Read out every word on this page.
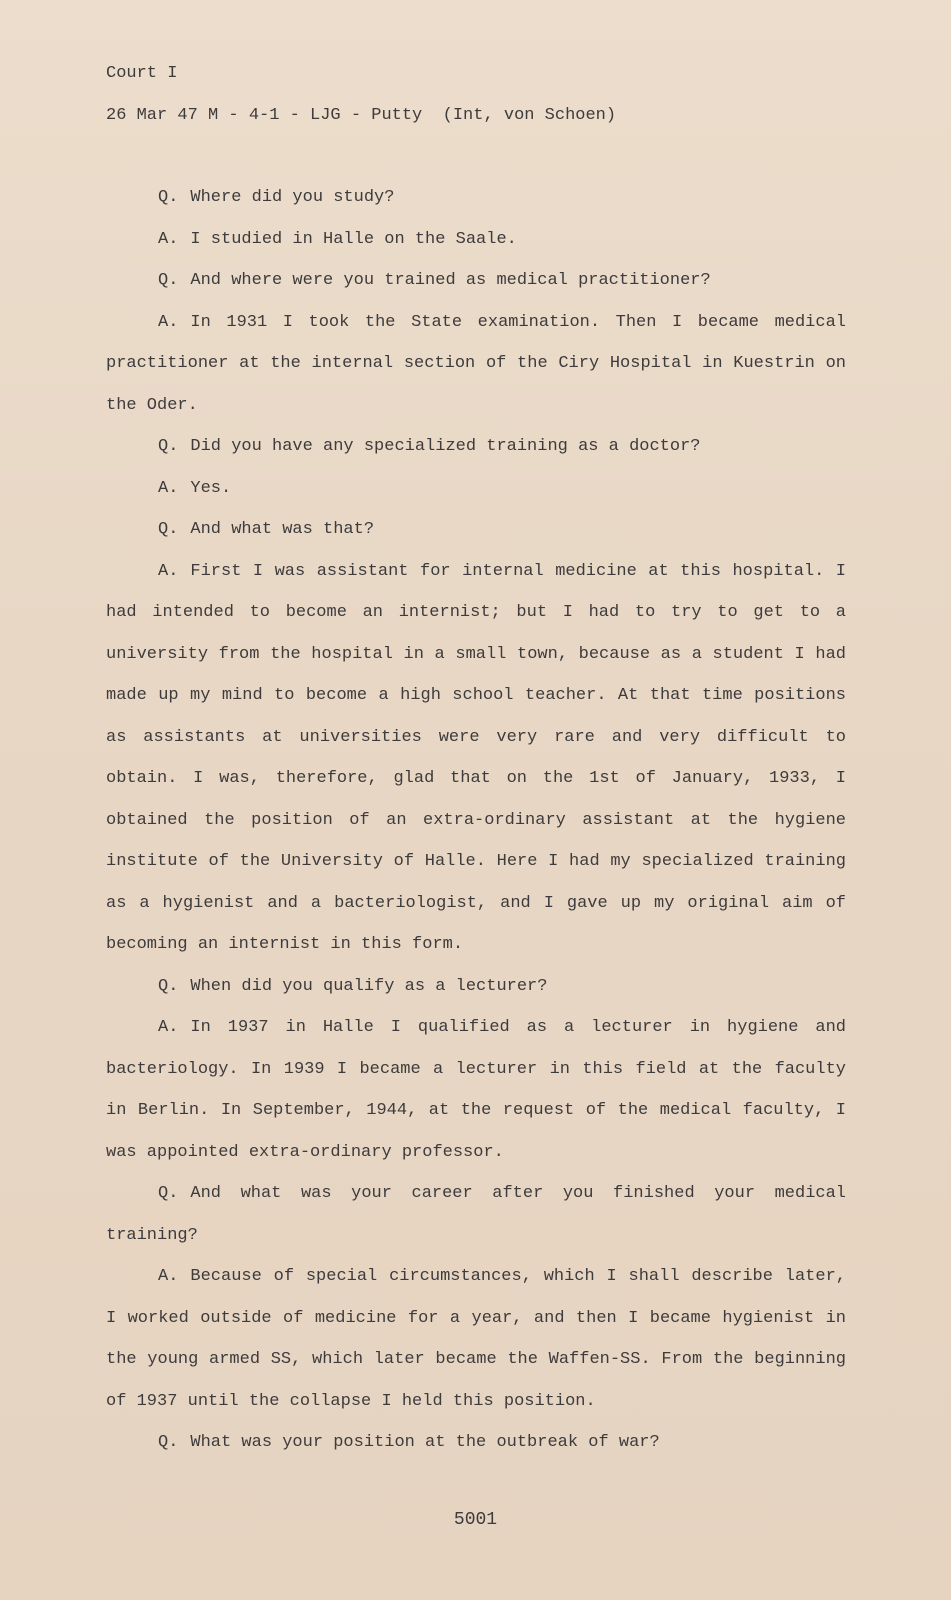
Court I
26 Mar 47 M - 4-1 - LJG - Putty  (Int, von Schoen)

Q. Where did you study?

A. I studied in Halle on the Saale.

Q. And where were you trained as medical practitioner?

A. In 1931 I took the State examination. Then I became medical practitioner at the internal section of the Ciry Hospital in Kuestrin on the Oder.

Q. Did you have any specialized training as a doctor?

A. Yes.

Q. And what was that?

A. First I was assistant for internal medicine at this hospital. I had intended to become an internist; but I had to try to get to a university from the hospital in a small town, because as a student I had made up my mind to become a high school teacher. At that time positions as assistants at universities were very rare and very difficult to obtain. I was, therefore, glad that on the 1st of January, 1933, I obtained the position of an extra-ordinary assistant at the hygiene institute of the University of Halle. Here I had my specialized training as a hygienist and a bacteriologist, and I gave up my original aim of becoming an internist in this form.

Q. When did you qualify as a lecturer?

A. In 1937 in Halle I qualified as a lecturer in hygiene and bacteriology. In 1939 I became a lecturer in this field at the faculty in Berlin. In September, 1944, at the request of the medical faculty, I was appointed extra-ordinary professor.

Q. And what was your career after you finished your medical training?

A. Because of special circumstances, which I shall describe later, I worked outside of medicine for a year, and then I became hygienist in the young armed SS, which later became the Waffen-SS. From the beginning of 1937 until the collapse I held this position.

Q. What was your position at the outbreak of war?

5001
